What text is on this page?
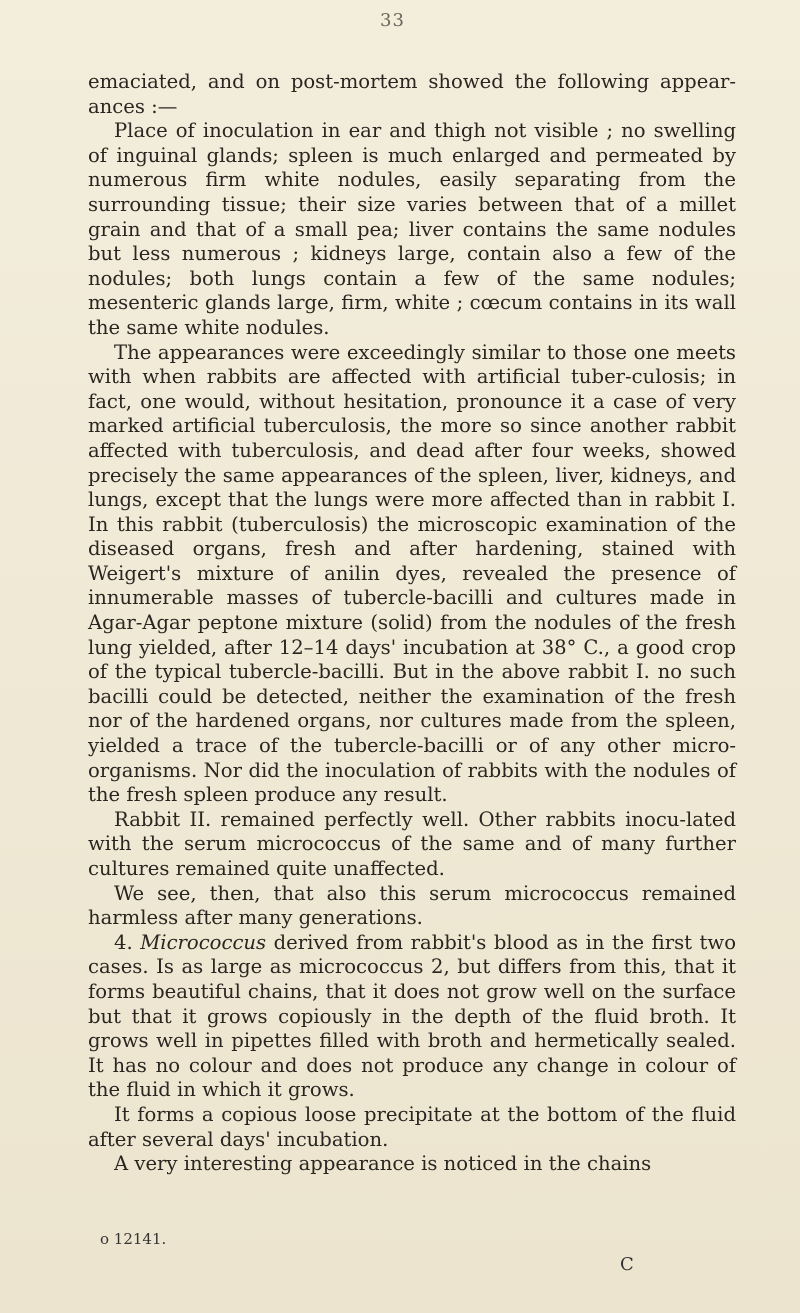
33

emaciated, and on post-mortem showed the following appear-ances :—

Place of inoculation in ear and thigh not visible ; no swelling of inguinal glands; spleen is much enlarged and permeated by numerous firm white nodules, easily separating from the surrounding tissue; their size varies between that of a millet grain and that of a small pea; liver contains the same nodules but less numerous ; kidneys large, contain also a few of the nodules; both lungs contain a few of the same nodules; mesenteric glands large, firm, white ; cœcum contains in its wall the same white nodules.

The appearances were exceedingly similar to those one meets with when rabbits are affected with artificial tuber-culosis; in fact, one would, without hesitation, pronounce it a case of very marked artificial tuberculosis, the more so since another rabbit affected with tuberculosis, and dead after four weeks, showed precisely the same appearances of the spleen, liver, kidneys, and lungs, except that the lungs were more affected than in rabbit I. In this rabbit (tuberculosis) the microscopic examination of the diseased organs, fresh and after hardening, stained with Weigert's mixture of anilin dyes, revealed the presence of innumerable masses of tubercle-bacilli and cultures made in Agar-Agar peptone mixture (solid) from the nodules of the fresh lung yielded, after 12–14 days' incubation at 38° C., a good crop of the typical tubercle-bacilli. But in the above rabbit I. no such bacilli could be detected, neither the examination of the fresh nor of the hardened organs, nor cultures made from the spleen, yielded a trace of the tubercle-bacilli or of any other micro-organisms. Nor did the inoculation of rabbits with the nodules of the fresh spleen produce any result.

Rabbit II. remained perfectly well. Other rabbits inocu-lated with the serum micrococcus of the same and of many further cultures remained quite unaffected.

We see, then, that also this serum micrococcus remained harmless after many generations.

4. Micrococcus derived from rabbit's blood as in the first two cases. Is as large as micrococcus 2, but differs from this, that it forms beautiful chains, that it does not grow well on the surface but that it grows copiously in the depth of the fluid broth. It grows well in pipettes filled with broth and hermetically sealed. It has no colour and does not produce any change in colour of the fluid in which it grows.

It forms a copious loose precipitate at the bottom of the fluid after several days' incubation.

A very interesting appearance is noticed in the chains

o 12141.
C
